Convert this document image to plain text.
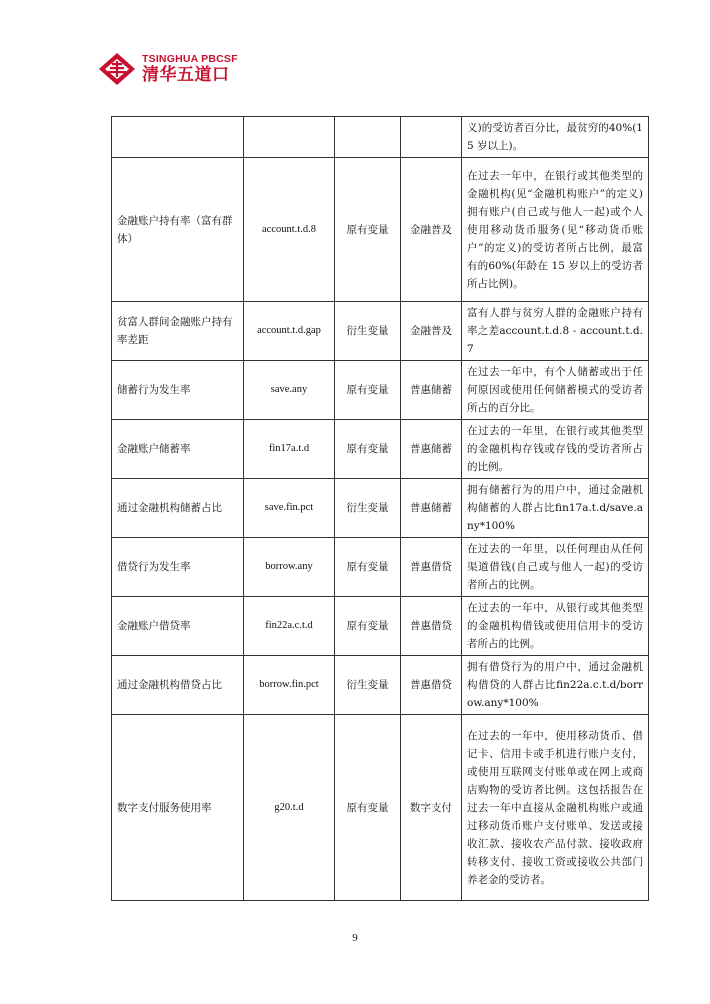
TSINGHUA PBCSF
清华五道口
				义)的受访者百分比，最贫穷的40%(15 岁以上)。
金融账户持有率（富有群体）	account.t.d.8	原有变量	金融普及	在过去一年中，在银行或其他类型的金融机构(见“金融机构账户”的定义)拥有账户(自己或与他人一起)或个人使用移动货币服务(见“移动货币账户”的定义)的受访者所占比例，最富有的60%(年龄在 15 岁以上的受访者所占比例)。
贫富人群间金融账户持有率差距	account.t.d.gap	衍生变量	金融普及	富有人群与贫穷人群的金融账户持有率之差account.t.d.8 - account.t.d.7
储蓄行为发生率	save.any	原有变量	普惠储蓄	在过去一年中，有个人储蓄或出于任何原因或使用任何储蓄模式的受访者所占的百分比。
金融账户储蓄率	fin17a.t.d	原有变量	普惠储蓄	在过去的一年里，在银行或其他类型的金融机构存钱或存钱的受访者所占的比例。
通过金融机构储蓄占比	save.fin.pct	衍生变量	普惠储蓄	拥有储蓄行为的用户中，通过金融机构储蓄的人群占比fin17a.t.d/save.any*100%
借贷行为发生率	borrow.any	原有变量	普惠借贷	在过去的一年里，以任何理由从任何渠道借钱(自己或与他人一起)的受访者所占的比例。
金融账户借贷率	fin22a.c.t.d	原有变量	普惠借贷	在过去的一年中，从银行或其他类型的金融机构借钱或使用信用卡的受访者所占的比例。
通过金融机构借贷占比	borrow.fin.pct	衍生变量	普惠借贷	拥有借贷行为的用户中，通过金融机构借贷的人群占比fin22a.c.t.d/borrow.any*100%
数字支付服务使用率	g20.t.d	原有变量	数字支付	在过去的一年中，使用移动货币、借记卡、信用卡或手机进行账户支付，或使用互联网支付账单或在网上或商店购物的受访者比例。这包括报告在过去一年中直接从金融机构账户或通过移动货币账户支付账单、发送或接收汇款、接收农产品付款、接收政府转移支付、接收工资或接收公共部门养老金的受访者。
9
